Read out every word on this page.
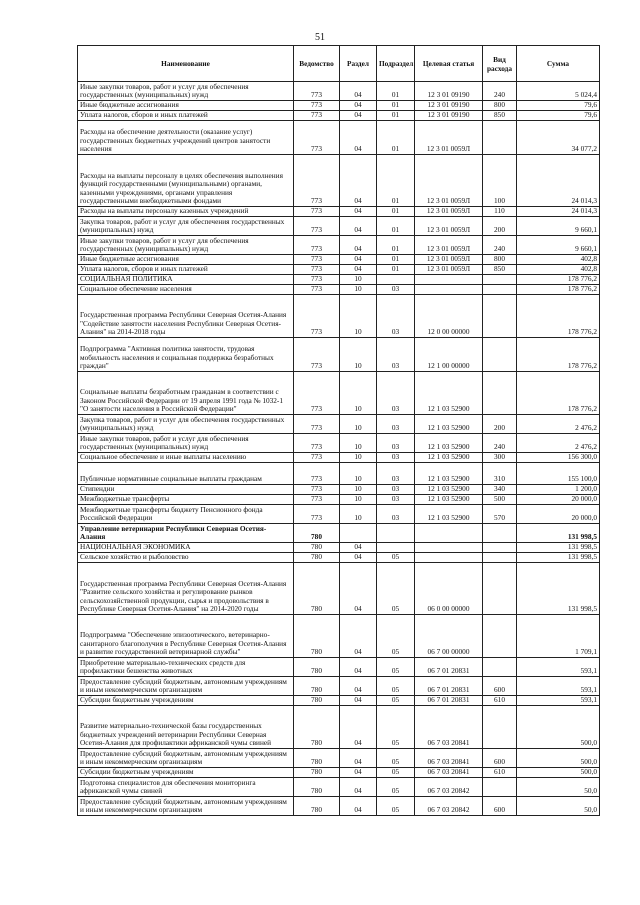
51
Наименование	Ведомство	Раздел	Подраздел	Целевая статья	Вид расхода	Сумма
Иные закупки товаров, работ и услуг для обеспечения государственных (муниципальных) нужд	773	04	01	12 3 01 09190	240	5 024,4
Иные бюджетные ассигнования	773	04	01	12 3 01 09190	800	79,6
Уплата налогов, сборов и иных платежей	773	04	01	12 3 01 09190	850	79,6
Расходы на обеспечение деятельности (оказание услуг) государственных бюджетных учреждений центров занятости населения	773	04	01	12 3 01 0059Л		34 077,2
Расходы на выплаты персоналу в целях обеспечения выполнения функций государственными (муниципальными) органами, казенными учреждениями, органами управления государственными внебюджетными фондами	773	04	01	12 3 01 0059Л	100	24 014,3
Расходы на выплаты персоналу казенных учреждений	773	04	01	12 3 01 0059Л	110	24 014,3
Закупка товаров, работ и услуг для обеспечения государственных (муниципальных) нужд	773	04	01	12 3 01 0059Л	200	9 660,1
Иные закупки товаров, работ и услуг для обеспечения государственных (муниципальных) нужд	773	04	01	12 3 01 0059Л	240	9 660,1
Иные бюджетные ассигнования	773	04	01	12 3 01 0059Л	800	402,8
Уплата налогов, сборов и иных платежей	773	04	01	12 3 01 0059Л	850	402,8
СОЦИАЛЬНАЯ ПОЛИТИКА	773	10				178 776,2
Социальное обеспечение населения	773	10	03			178 776,2
Государственная программа Республики Северная Осетия-Алания "Содействие занятости населения Республики Северная Осетия-Алания" на 2014-2018 годы	773	10	03	12 0 00 00000		178 776,2
Подпрограмма "Активная политика занятости, трудовая мобильность населения и социальная поддержка безработных граждан"	773	10	03	12 1 00 00000		178 776,2
Социальные выплаты безработным гражданам в соответствии с Законом Российской Федерации от 19 апреля 1991 года № 1032-1 "О занятости населения в Российской Федерации"	773	10	03	12 1 03 52900		178 776,2
Закупка товаров, работ и услуг для обеспечения государственных (муниципальных) нужд	773	10	03	12 1 03 52900	200	2 476,2
Иные закупки товаров, работ и услуг для обеспечения государственных (муниципальных) нужд	773	10	03	12 1 03 52900	240	2 476,2
Социальное обеспечение и иные выплаты населению	773	10	03	12 1 03 52900	300	156 300,0
Публичные нормативные социальные выплаты гражданам	773	10	03	12 1 03 52900	310	155 100,0
Стипендии	773	10	03	12 1 03 52900	340	1 200,0
Межбюджетные трансферты	773	10	03	12 1 03 52900	500	20 000,0
Межбюджетные трансферты бюджету Пенсионного фонда Российской Федерации	773	10	03	12 1 03 52900	570	20 000,0
Управление ветеринарии Республики Северная Осетия-Алания	780					131 998,5
НАЦИОНАЛЬНАЯ ЭКОНОМИКА	780	04				131 998,5
Сельское хозяйство и рыболовство	780	04	05			131 998,5
Государственная программа Республики Северная Осетия-Алания "Развитие сельского хозяйства и регулирование рынков сельскохозяйственной продукции, сырья и продовольствия в Республике Северная Осетия-Алания" на 2014-2020 годы	780	04	05	06 0 00 00000		131 998,5
Подпрограмма "Обеспечение эпизоотического, ветеринарно-санитарного благополучия в Республике Северная Осетия-Алания и развитие государственной ветеринарной службы"	780	04	05	06 7 00 00000		1 709,1
Приобретение материально-технических средств для профилактики бешенства животных	780	04	05	06 7 01 20831		593,1
Предоставление субсидий бюджетным, автономным учреждениям и иным некоммерческим организациям	780	04	05	06 7 01 20831	600	593,1
Субсидии бюджетным учреждениям	780	04	05	06 7 01 20831	610	593,1
Развитие материально-технической базы государственных бюджетных учреждений ветеринарии Республики Северная Осетия-Алания для профилактики африканской чумы свиней	780	04	05	06 7 03 20841		500,0
Предоставление субсидий бюджетным, автономным учреждениям и иным некоммерческим организациям	780	04	05	06 7 03 20841	600	500,0
Субсидии бюджетным учреждениям	780	04	05	06 7 03 20841	610	500,0
Подготовка специалистов для обеспечения мониторинга африканской чумы свиней	780	04	05	06 7 03 20842		50,0
Предоставление субсидий бюджетным, автономным учреждениям и иным некоммерческим организациям	780	04	05	06 7 03 20842	600	50,0
